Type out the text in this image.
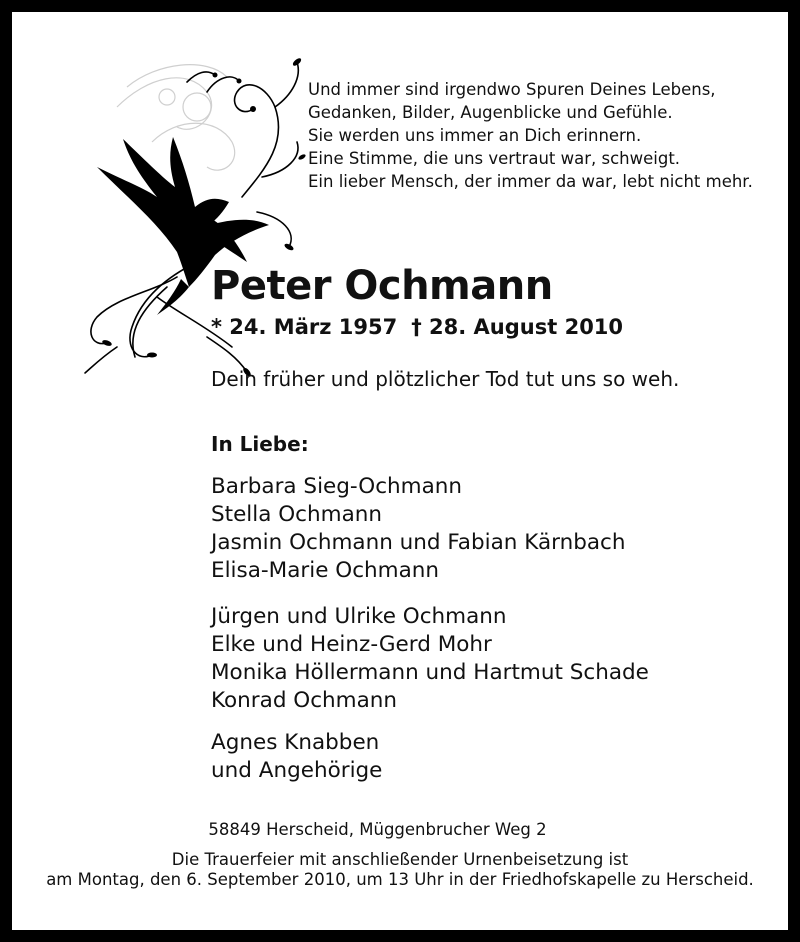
Und immer sind irgendwo Spuren Deines Lebens,
Gedanken, Bilder, Augenblicke und Gefühle.
Sie werden uns immer an Dich erinnern.
Eine Stimme, die uns vertraut war, schweigt.
Ein lieber Mensch, der immer da war, lebt nicht mehr.
Peter Ochmann
* 24. März 1957 † 28. August 2010
Dein früher und plötzlicher Tod tut uns so weh.
In Liebe:
Barbara Sieg-Ochmann
Stella Ochmann
Jasmin Ochmann und Fabian Kärnbach
Elisa-Marie Ochmann
Jürgen und Ulrike Ochmann
Elke und Heinz-Gerd Mohr
Monika Höllermann und Hartmut Schade
Konrad Ochmann
Agnes Knabben
und Angehörige
58849 Herscheid, Müggenbrucher Weg 2
Die Trauerfeier mit anschließender Urnenbeisetzung ist
am Montag, den 6. September 2010, um 13 Uhr in der Friedhofskapelle zu Herscheid.
